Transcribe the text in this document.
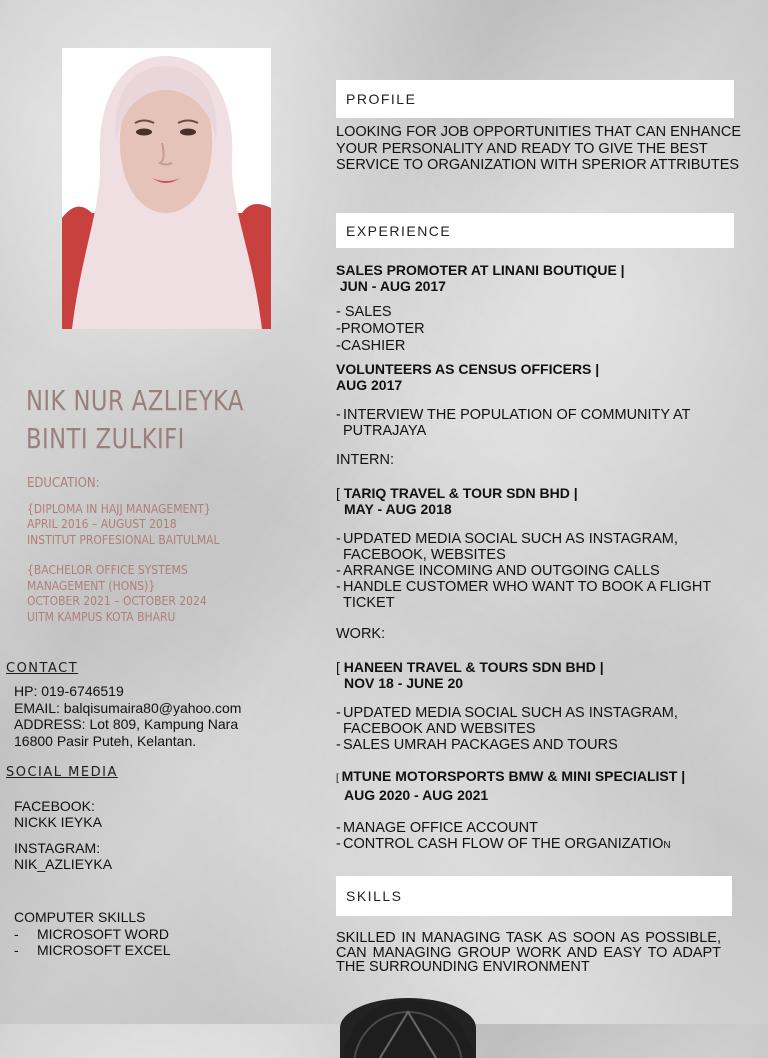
NIK NUR AZLIEYKA
BINTI ZULKIFI
EDUCATION:
{DIPLOMA IN HAJJ MANAGEMENT}
APRIL 2016 – AUGUST 2018
INSTITUT PROFESIONAL BAITULMAL
{BACHELOR OFFICE SYSTEMS
MANAGEMENT (HONS)}
OCTOBER 2021 – OCTOBER 2024
UITM KAMPUS KOTA BHARU
CONTACT
HP: 019-6746519
EMAIL: balqisumaira80@yahoo.com
ADDRESS: Lot 809, Kampung Nara
16800 Pasir Puteh, Kelantan.
SOCIAL MEDIA
FACEBOOK:
NICKK IEYKA
INSTAGRAM:
NIK_AZLIEYKA
COMPUTER SKILLS
-	MICROSOFT WORD
-	MICROSOFT EXCEL
PROFILE
LOOKING FOR JOB OPPORTUNITIES THAT CAN ENHANCE YOUR PERSONALITY AND READY TO GIVE THE BEST SERVICE TO ORGANIZATION WITH SPERIOR ATTRIBUTES
EXPERIENCE
SALES PROMOTER AT LINANI BOUTIQUE |
JUN - AUG 2017
- SALES
-PROMOTER
-CASHIER
VOLUNTEERS AS CENSUS OFFICERS |
AUG 2017
- INTERVIEW THE POPULATION OF COMMUNITY AT PUTRAJAYA
INTERN:
[ TARIQ TRAVEL & TOUR SDN BHD |
MAY - AUG 2018
- UPDATED MEDIA SOCIAL SUCH AS INSTAGRAM, FACEBOOK, WEBSITES
- ARRANGE INCOMING AND OUTGOING CALLS
- HANDLE CUSTOMER WHO WANT TO BOOK A FLIGHT TICKET
WORK:
[ HANEEN TRAVEL & TOURS SDN BHD |
NOV 18 - JUNE 20
- UPDATED MEDIA SOCIAL SUCH AS INSTAGRAM, FACEBOOK AND WEBSITES
- SALES UMRAH PACKAGES AND TOURS
[ MTUNE MOTORSPORTS BMW & MINI SPECIALIST |
AUG 2020 - AUG 2021
- MANAGE OFFICE ACCOUNT
- CONTROL CASH FLOW OF THE ORGANIZATION
SKILLS
SKILLED IN MANAGING TASK AS SOON AS POSSIBLE, CAN MANAGING GROUP WORK AND EASY TO ADAPT THE SURROUNDING ENVIRONMENT
